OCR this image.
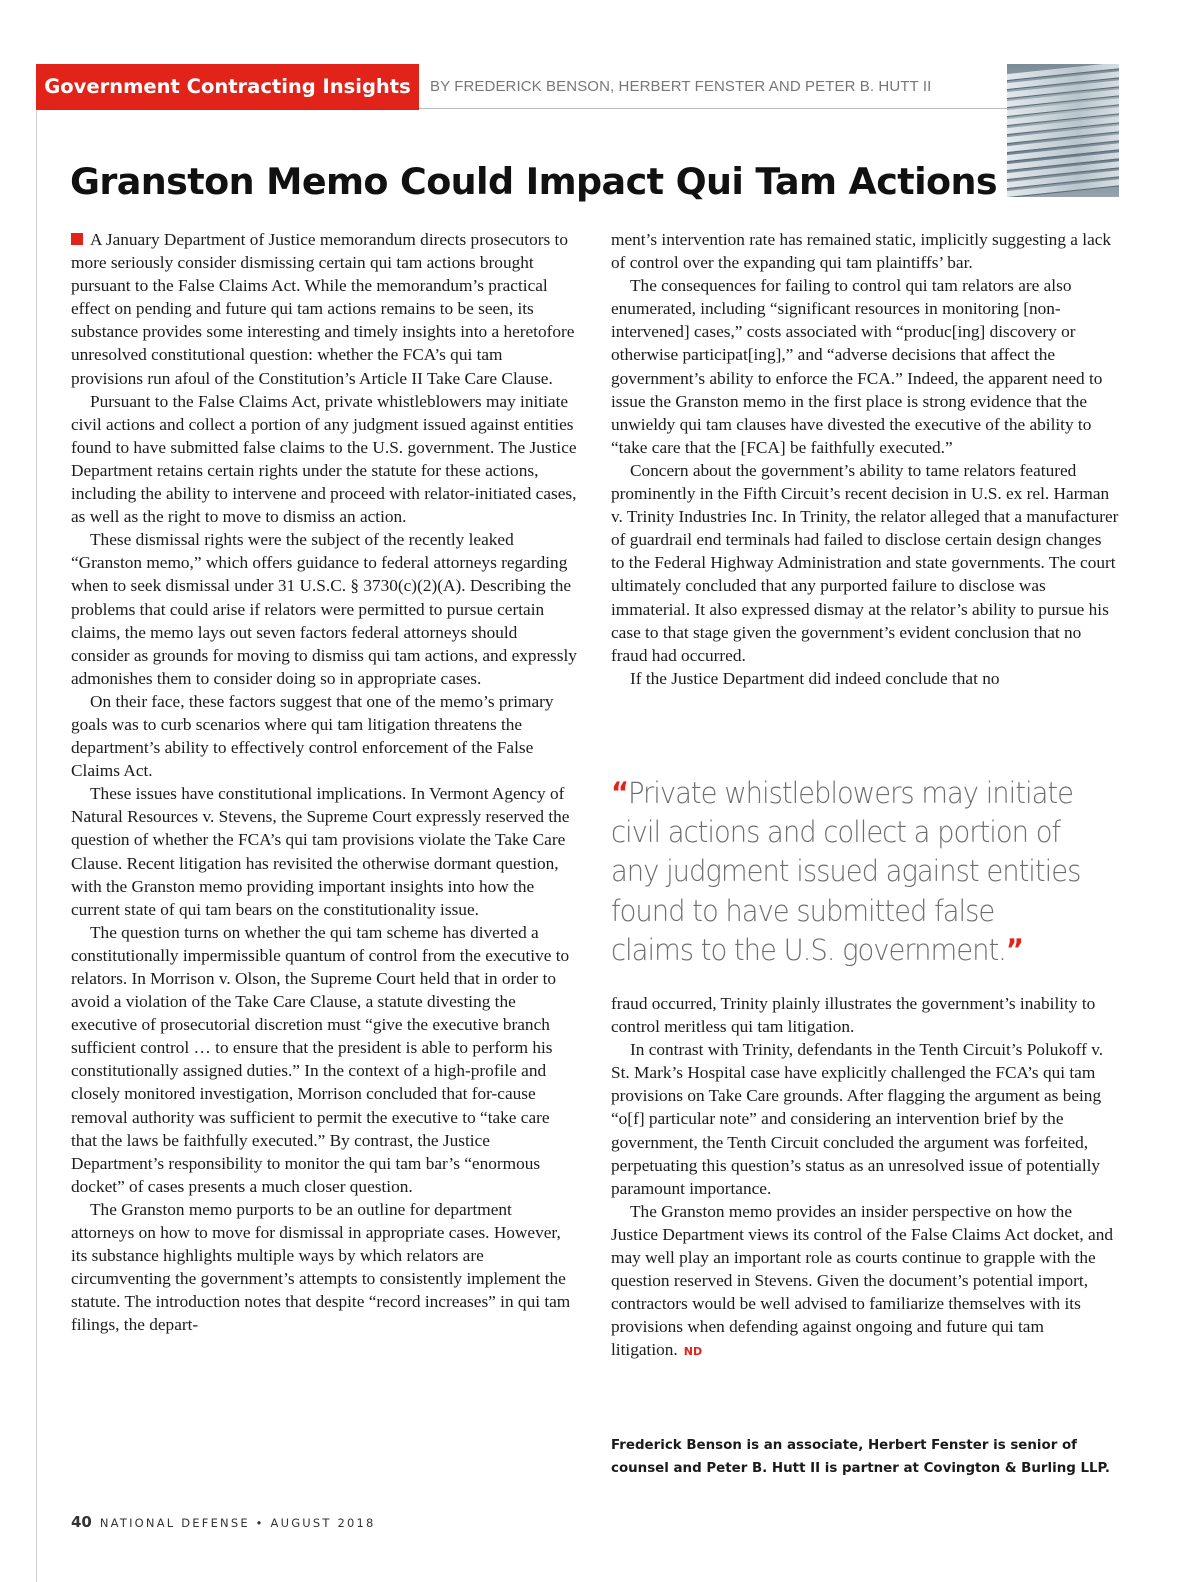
Government Contracting Insights	BY FREDERICK BENSON, HERBERT FENSTER AND PETER B. HUTT II
Granston Memo Could Impact Qui Tam Actions

A January Department of Justice memorandum directs prosecutors to more seriously consider dismissing certain qui tam actions brought pursuant to the False Claims Act. While the memorandum’s practical effect on pending and future qui tam actions remains to be seen, its substance provides some interesting and timely insights into a heretofore unresolved constitutional question: whether the FCA’s qui tam provisions run afoul of the Constitution’s Article II Take Care Clause.

Pursuant to the False Claims Act, private whistleblowers may initiate civil actions and collect a portion of any judgment issued against entities found to have submitted false claims to the U.S. government. The Justice Department retains certain rights under the statute for these actions, including the ability to intervene and proceed with relator-initiated cases, as well as the right to move to dismiss an action.

These dismissal rights were the subject of the recently leaked “Granston memo,” which offers guidance to federal attorneys regarding when to seek dismissal under 31 U.S.C. § 3730(c)(2)(A). Describing the problems that could arise if relators were permitted to pursue certain claims, the memo lays out seven factors federal attorneys should consider as grounds for moving to dismiss qui tam actions, and expressly admonishes them to consider doing so in appropriate cases.

On their face, these factors suggest that one of the memo’s primary goals was to curb scenarios where qui tam litigation threatens the department’s ability to effectively control enforcement of the False Claims Act.

These issues have constitutional implications. In Vermont Agency of Natural Resources v. Stevens, the Supreme Court expressly reserved the question of whether the FCA’s qui tam provisions violate the Take Care Clause. Recent litigation has revisited the otherwise dormant question, with the Granston memo providing important insights into how the current state of qui tam bears on the constitutionality issue.

The question turns on whether the qui tam scheme has diverted a constitutionally impermissible quantum of control from the executive to relators. In Morrison v. Olson, the Supreme Court held that in order to avoid a violation of the Take Care Clause, a statute divesting the executive of prosecutorial discretion must “give the executive branch sufficient control … to ensure that the president is able to perform his constitutionally assigned duties.” In the context of a high-profile and closely monitored investigation, Morrison concluded that for-cause removal authority was sufficient to permit the executive to “take care that the laws be faithfully executed.” By contrast, the Justice Department’s responsibility to monitor the qui tam bar’s “enormous docket” of cases presents a much closer question.

The Granston memo purports to be an outline for department attorneys on how to move for dismissal in appropriate cases. However, its substance highlights multiple ways by which relators are circumventing the government’s attempts to consistently implement the statute. The introduction notes that despite “record increases” in qui tam filings, the depart-

ment’s intervention rate has remained static, implicitly suggesting a lack of control over the expanding qui tam plaintiffs’ bar.

The consequences for failing to control qui tam relators are also enumerated, including “significant resources in monitoring [non-intervened] cases,” costs associated with “produc[ing] discovery or otherwise participat[ing],” and “adverse decisions that affect the government’s ability to enforce the FCA.” Indeed, the apparent need to issue the Granston memo in the first place is strong evidence that the unwieldy qui tam clauses have divested the executive of the ability to “take care that the [FCA] be faithfully executed.”

Concern about the government’s ability to tame relators featured prominently in the Fifth Circuit’s recent decision in U.S. ex rel. Harman v. Trinity Industries Inc. In Trinity, the relator alleged that a manufacturer of guardrail end terminals had failed to disclose certain design changes to the Federal Highway Administration and state governments. The court ultimately concluded that any purported failure to disclose was immaterial. It also expressed dismay at the relator’s ability to pursue his case to that stage given the government’s evident conclusion that no fraud had occurred.

If the Justice Department did indeed conclude that no

“Private whistleblowers may initiate civil actions and collect a portion of any judgment issued against entities found to have submitted false claims to the U.S. government.”

fraud occurred, Trinity plainly illustrates the government’s inability to control meritless qui tam litigation.

In contrast with Trinity, defendants in the Tenth Circuit’s Polukoff v. St. Mark’s Hospital case have explicitly challenged the FCA’s qui tam provisions on Take Care grounds. After flagging the argument as being “o[f] particular note” and considering an intervention brief by the government, the Tenth Circuit concluded the argument was forfeited, perpetuating this question’s status as an unresolved issue of potentially paramount importance.

The Granston memo provides an insider perspective on how the Justice Department views its control of the False Claims Act docket, and may well play an important role as courts continue to grapple with the question reserved in Stevens. Given the document’s potential import, contractors would be well advised to familiarize themselves with its provisions when defending against ongoing and future qui tam litigation. ND

Frederick Benson is an associate, Herbert Fenster is senior of counsel and Peter B. Hutt II is partner at Covington & Burling LLP.
40 NATIONAL DEFENSE • AUGUST 2018
